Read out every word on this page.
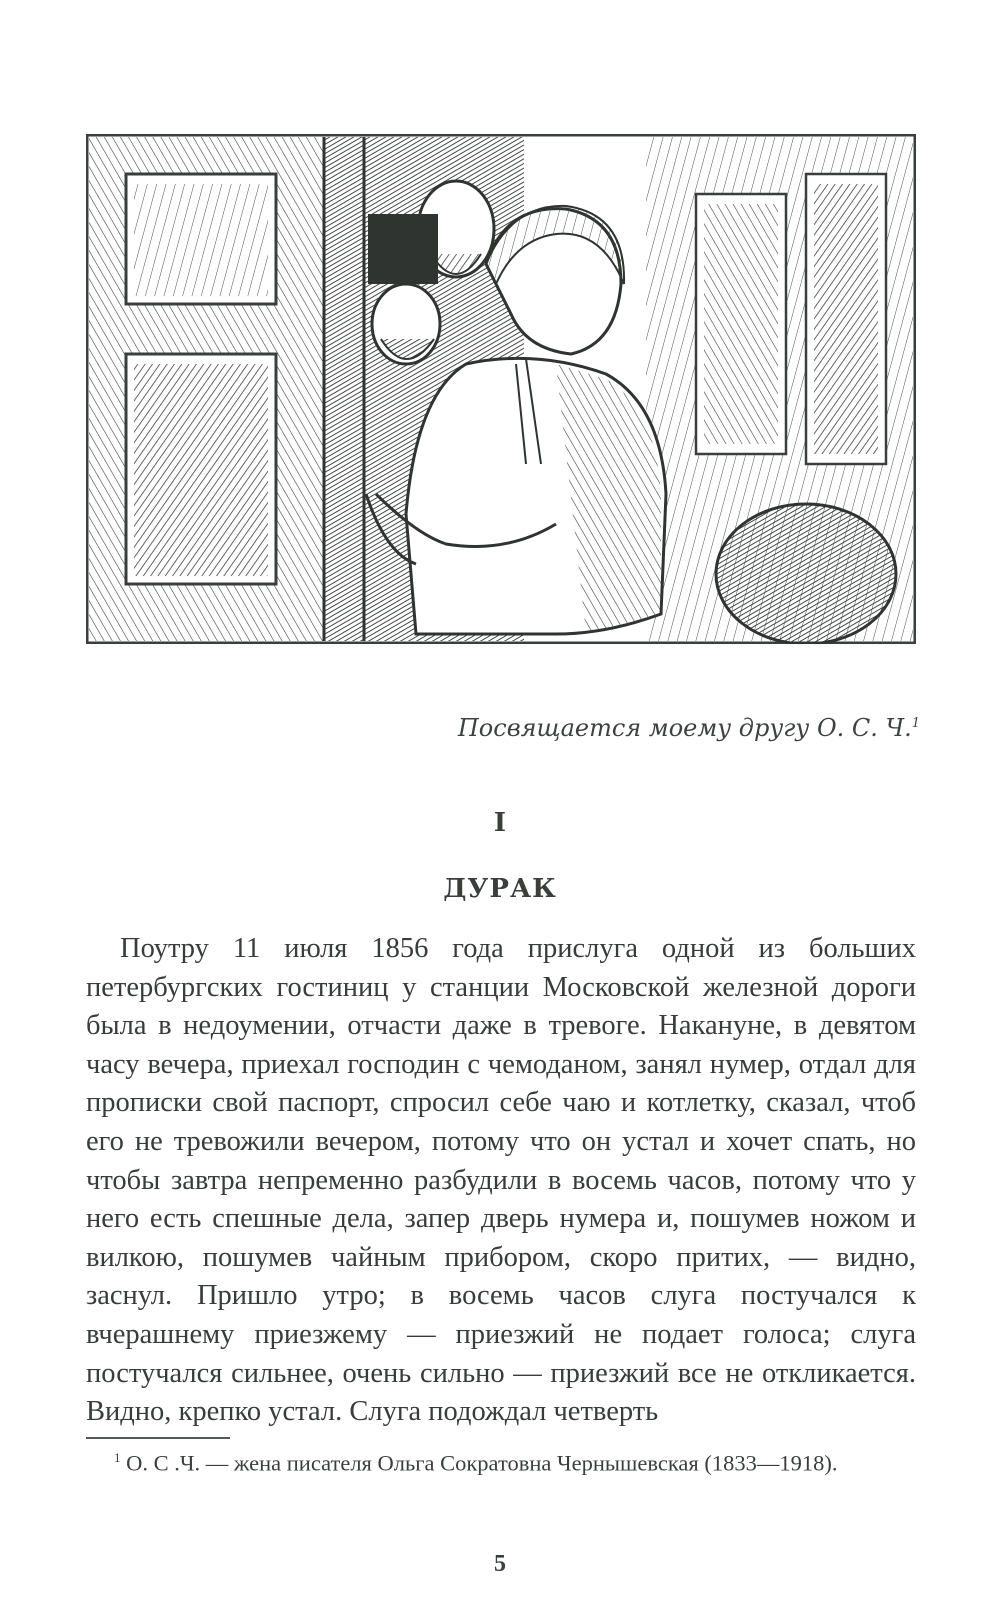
Посвящается моему другу О. С. Ч.$^1$
I
ДУРАК

Поутру 11 июля 1856 года прислуга одной из больших петербургских гостиниц у станции Московской железной дороги была в недоумении, отчасти даже в тревоге. Накануне, в девятом часу вечера, приехал господин с чемоданом, занял нумер, отдал для прописки свой паспорт, спросил себе чаю и котлетку, сказал, чтоб его не тревожили вечером, потому что он устал и хочет спать, но чтобы завтра непременно разбудили в восемь часов, потому что у него есть спешные дела, запер дверь нумера и, пошумев ножом и вилкою, пошумев чайным прибором, скоро притих, — видно, заснул. Пришло утро; в восемь часов слуга постучался к вчерашнему приезжему — приезжий не подает голоса; слуга постучался сильнее, очень сильно — приезжий все не откликается. Видно, крепко устал. Слуга подождал четверть

$^1$ О. С .Ч. — жена писателя Ольга Сократовна Чернышевская (1833—1918).

5
